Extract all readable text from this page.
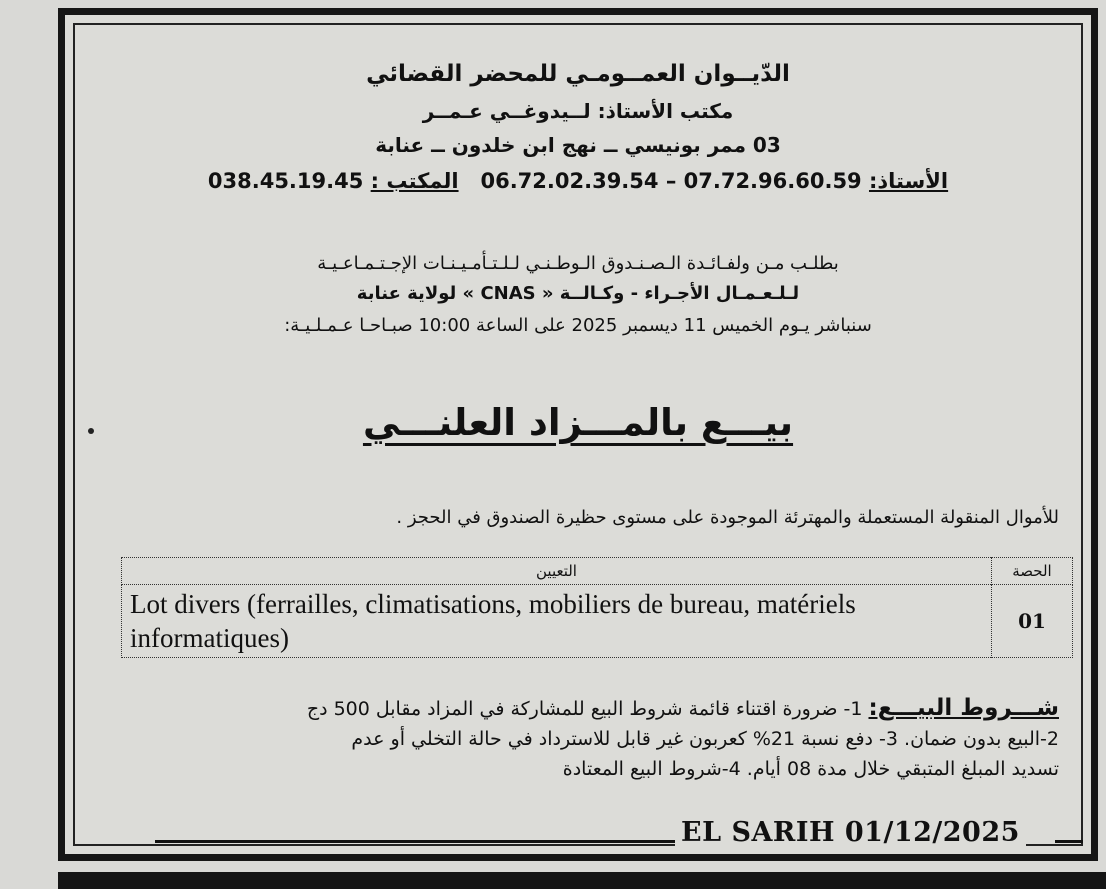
الدّيــوان العمــومـي للمحضر القضائي
مكتب الأستاذ: لــيدوغــي عـمــر
03 ممر بونيسي ــ نهج ابن خلدون ــ عنابة
الأستاذ: 06.72.02.39.54 – 07.72.96.60.59   المكتب : 038.45.19.45
بطلـب مـن ولفـائـدة الـصـنـدوق الـوطـنـي لـلـتـأمـيـنـات الإجـتـمـاعـيـة
لـلـعـمـال الأجـراء - وكـالــة « CNAS » لولاية عنابة
سنباشر يـوم الخميس 11 ديسمبر 2025 على الساعة 10:00 صبـاحـا عـمـلـيـة:
بيـــع بالمـــزاد العلنـــي
للأموال المنقولة المستعملة والمهترئة الموجودة على مستوى حظيرة الصندوق في الحجز .
الحصة	التعيين
01	Lot divers (ferrailles, climatisations, mobiliers de bureau, matériels informatiques)

شـــروط البيـــع: 1- ضرورة اقتناء قائمة شروط البيع للمشاركة في المزاد مقابل 500 دج

2-البيع بدون ضمان. 3- دفع نسبة 21% كعربون غير قابل للاسترداد في حالة التخلي أو عدم

تسديد المبلغ المتبقي خلال مدة 08 أيام. 4-شروط البيع المعتادة

EL SARIH 01/12/2025
